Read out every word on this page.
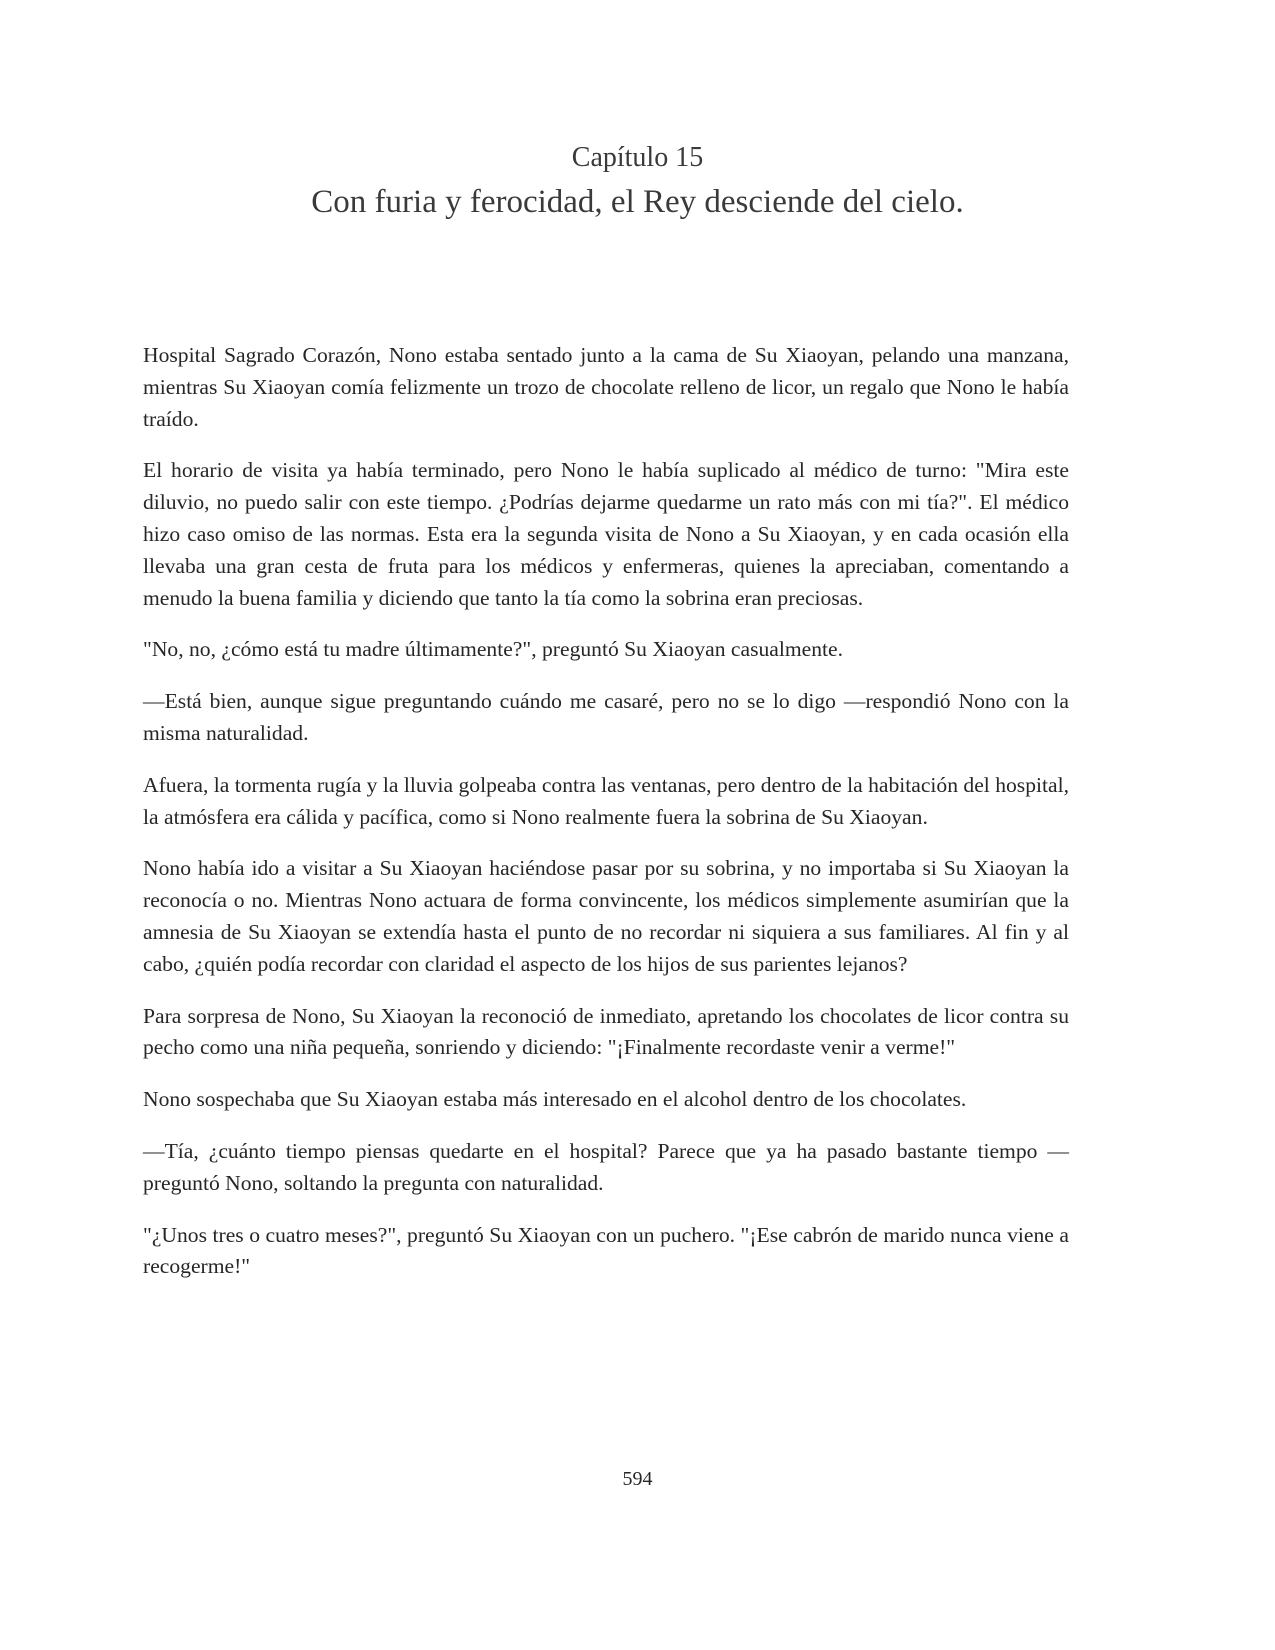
Capítulo 15
Con furia y ferocidad, el Rey desciende del cielo.

Hospital Sagrado Corazón, Nono estaba sentado junto a la cama de Su Xiaoyan, pelando una manzana, mientras Su Xiaoyan comía felizmente un trozo de chocolate relleno de licor, un regalo que Nono le había traído.

El horario de visita ya había terminado, pero Nono le había suplicado al médico de turno: "Mira este diluvio, no puedo salir con este tiempo. ¿Podrías dejarme quedarme un rato más con mi tía?". El médico hizo caso omiso de las normas. Esta era la segunda visita de Nono a Su Xiaoyan, y en cada ocasión ella llevaba una gran cesta de fruta para los médicos y enfermeras, quienes la apreciaban, comentando a menudo la buena familia y diciendo que tanto la tía como la sobrina eran preciosas.

"No, no, ¿cómo está tu madre últimamente?", preguntó Su Xiaoyan casualmente.

—Está bien, aunque sigue preguntando cuándo me casaré, pero no se lo digo —respondió Nono con la misma naturalidad.

Afuera, la tormenta rugía y la lluvia golpeaba contra las ventanas, pero dentro de la habitación del hospital, la atmósfera era cálida y pacífica, como si Nono realmente fuera la sobrina de Su Xiaoyan.

Nono había ido a visitar a Su Xiaoyan haciéndose pasar por su sobrina, y no importaba si Su Xiaoyan la reconocía o no. Mientras Nono actuara de forma convincente, los médicos simplemente asumirían que la amnesia de Su Xiaoyan se extendía hasta el punto de no recordar ni siquiera a sus familiares. Al fin y al cabo, ¿quién podía recordar con claridad el aspecto de los hijos de sus parientes lejanos?

Para sorpresa de Nono, Su Xiaoyan la reconoció de inmediato, apretando los chocolates de licor contra su pecho como una niña pequeña, sonriendo y diciendo: "¡Finalmente recordaste venir a verme!"

Nono sospechaba que Su Xiaoyan estaba más interesado en el alcohol dentro de los chocolates.

—Tía, ¿cuánto tiempo piensas quedarte en el hospital? Parece que ya ha pasado bastante tiempo —preguntó Nono, soltando la pregunta con naturalidad.

"¿Unos tres o cuatro meses?", preguntó Su Xiaoyan con un puchero. "¡Ese cabrón de marido nunca viene a recogerme!"

594
